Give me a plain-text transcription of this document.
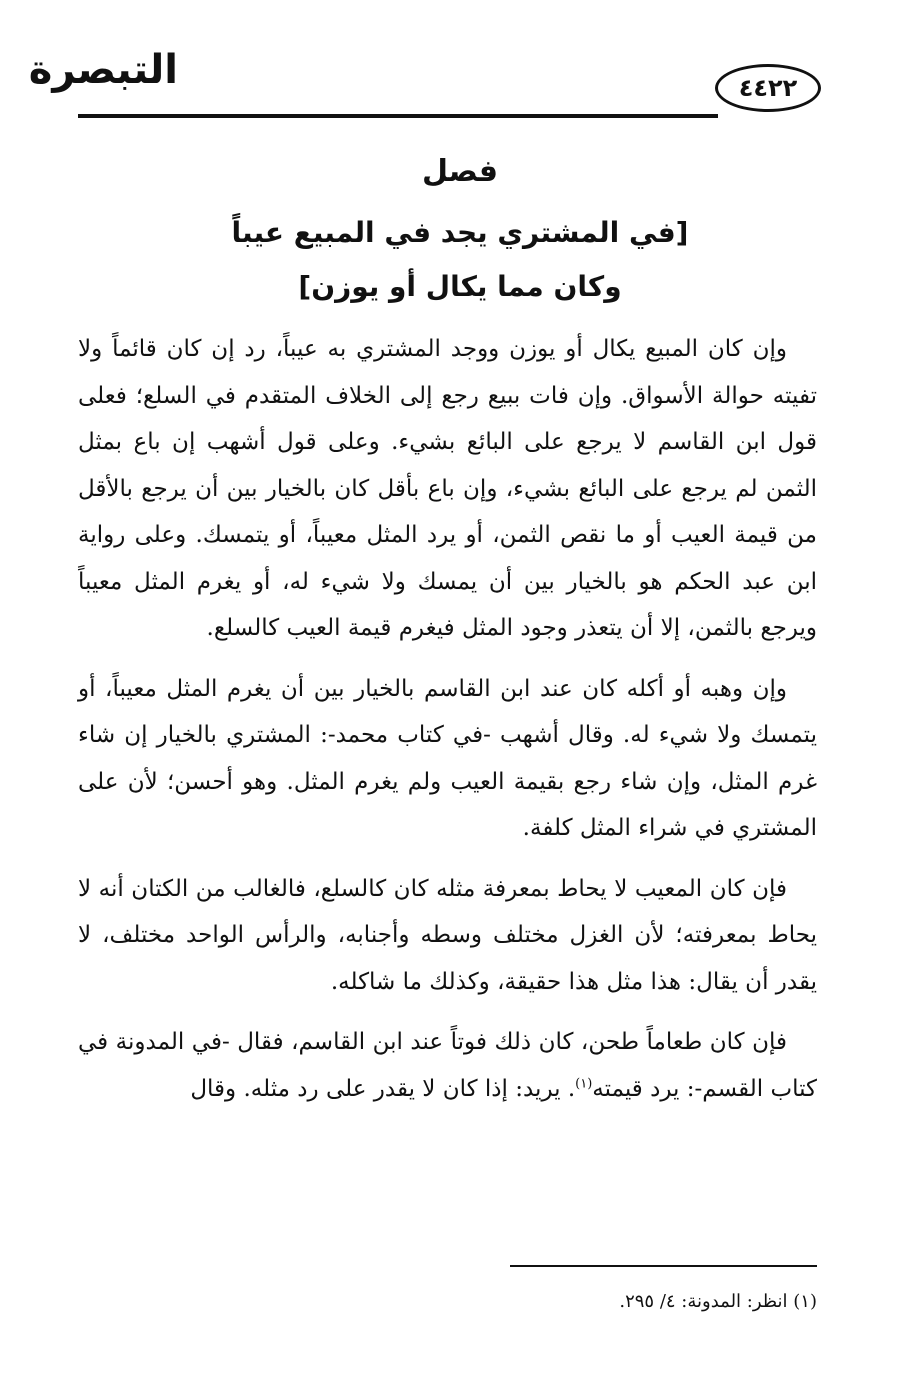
التبصرة	٤٤٢٢
فصل
[في المشتري يجد في المبيع عيباً
وكان مما يكال أو يوزن]

وإن كان المبيع يكال أو يوزن ووجد المشتري به عيباً، رد إن كان قائماً ولا تفيته حوالة الأسواق. وإن فات ببيع رجع إلى الخلاف المتقدم في السلع؛ فعلى قول ابن القاسم لا يرجع على البائع بشيء. وعلى قول أشهب إن باع بمثل الثمن لم يرجع على البائع بشيء، وإن باع بأقل كان بالخيار بين أن يرجع بالأقل من قيمة العيب أو ما نقص الثمن، أو يرد المثل معيباً، أو يتمسك. وعلى رواية ابن عبد الحكم هو بالخيار بين أن يمسك ولا شيء له، أو يغرم المثل معيباً ويرجع بالثمن، إلا أن يتعذر وجود المثل فيغرم قيمة العيب كالسلع.

وإن وهبه أو أكله كان عند ابن القاسم بالخيار بين أن يغرم المثل معيباً، أو يتمسك ولا شيء له. وقال أشهب -في كتاب محمد-: المشتري بالخيار إن شاء غرم المثل، وإن شاء رجع بقيمة العيب ولم يغرم المثل. وهو أحسن؛ لأن على المشتري في شراء المثل كلفة.

فإن كان المعيب لا يحاط بمعرفة مثله كان كالسلع، فالغالب من الكتان أنه لا يحاط بمعرفته؛ لأن الغزل مختلف وسطه وأجنابه، والرأس الواحد مختلف، لا يقدر أن يقال: هذا مثل هذا حقيقة، وكذلك ما شاكله.

فإن كان طعاماً طحن، كان ذلك فوتاً عند ابن القاسم، فقال -في المدونة في كتاب القسم-: يرد قيمته$^{(١)}$. يريد: إذا كان لا يقدر على رد مثله. وقال

(١) انظر: المدونة: ٤/ ٢٩٥.
